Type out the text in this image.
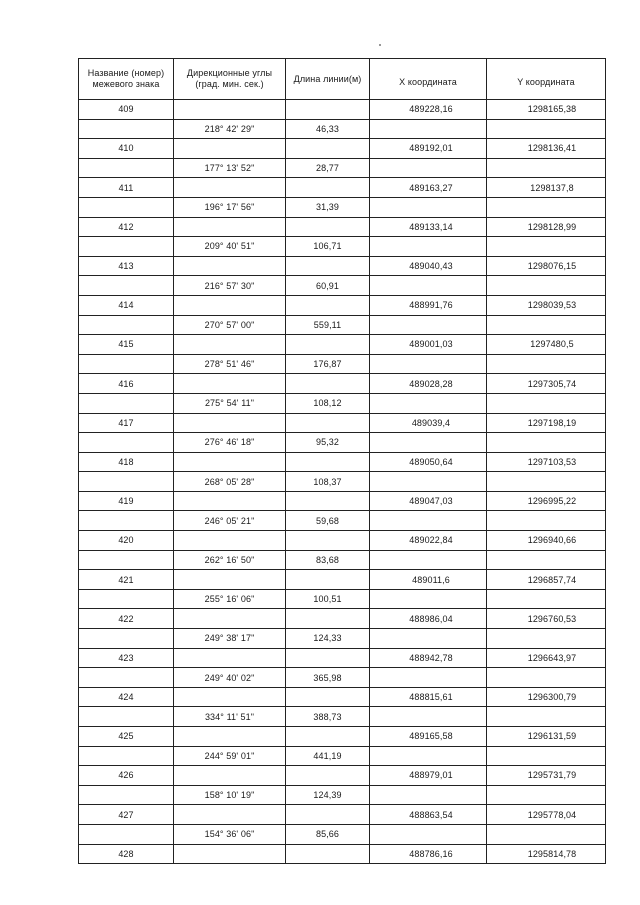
Название (номер) межевого знака	Дирекционные углы (град. мин. сек.)	Длина линии(м)	X координата	Y координата
409			489228,16	1298165,38
	218° 42' 29"	46,33		
410			489192,01	1298136,41
	177° 13' 52"	28,77		
411			489163,27	1298137,8
	196° 17' 56"	31,39		
412			489133,14	1298128,99
	209° 40' 51"	106,71		
413			489040,43	1298076,15
	216° 57' 30"	60,91		
414			488991,76	1298039,53
	270° 57' 00"	559,11		
415			489001,03	1297480,5
	278° 51' 46"	176,87		
416			489028,28	1297305,74
	275° 54' 11"	108,12		
417			489039,4	1297198,19
	276° 46' 18"	95,32		
418			489050,64	1297103,53
	268° 05' 28"	108,37		
419			489047,03	1296995,22
	246° 05' 21"	59,68		
420			489022,84	1296940,66
	262° 16' 50"	83,68		
421			489011,6	1296857,74
	255° 16' 06"	100,51		
422			488986,04	1296760,53
	249° 38' 17"	124,33		
423			488942,78	1296643,97
	249° 40' 02"	365,98		
424			488815,61	1296300,79
	334° 11' 51"	388,73		
425			489165,58	1296131,59
	244° 59' 01"	441,19		
426			488979,01	1295731,79
	158° 10' 19"	124,39		
427			488863,54	1295778,04
	154° 36' 06"	85,66		
428			488786,16	1295814,78
